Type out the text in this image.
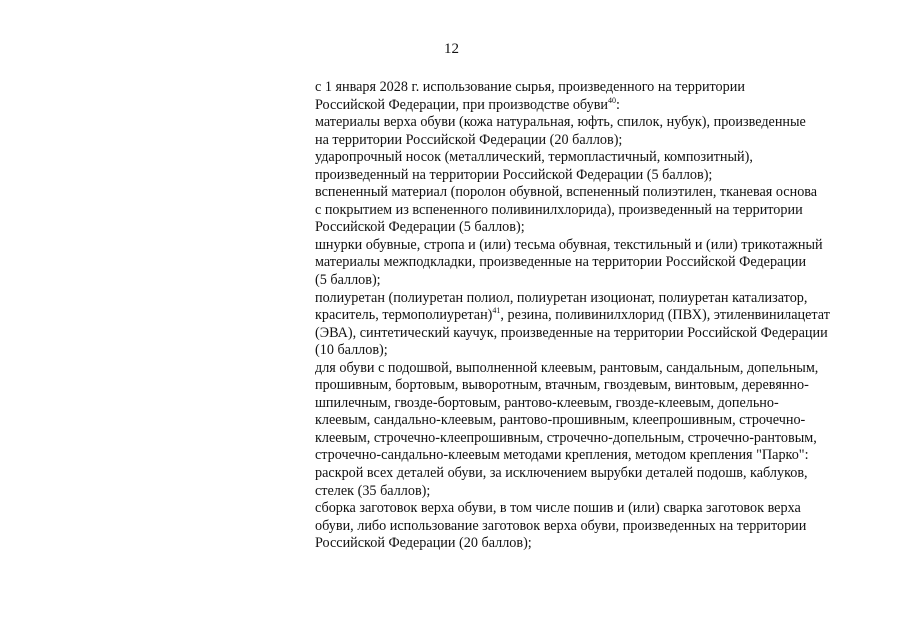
12
с 1 января 2028 г. использование сырья, произведенного на территории
Российской Федерации, при производстве обуви$^{40}$:
материалы верха обуви (кожа натуральная, юфть, спилок, нубук), произведенные
на территории Российской Федерации (20 баллов);
ударопрочный носок (металлический, термопластичный, композитный),
произведенный на территории Российской Федерации (5 баллов);
вспененный материал (поролон обувной, вспененный полиэтилен, тканевая основа
с покрытием из вспененного поливинилхлорида), произведенный на территории
Российской Федерации (5 баллов);
шнурки обувные, стропа и (или) тесьма обувная, текстильный и (или) трикотажный
материалы межподкладки, произведенные на территории Российской Федерации
(5 баллов);
полиуретан (полиуретан полиол, полиуретан изоционат, полиуретан катализатор,
краситель, термополиуретан)$^{41}$, резина, поливинилхлорид (ПВХ), этиленвинилацетат
(ЭВА), синтетический каучук, произведенные на территории Российской Федерации
(10 баллов);
для обуви с подошвой, выполненной клеевым, рантовым, сандальным, допельным,
прошивным, бортовым, выворотным, втачным, гвоздевым, винтовым, деревянно-
шпилечным, гвозде-бортовым, рантово-клеевым, гвозде-клеевым, допельно-
клеевым, сандально-клеевым, рантово-прошивным, клеепрошивным, строчечно-
клеевым, строчечно-клеепрошивным, строчечно-допельным, строчечно-рантовым,
строчечно-сандально-клеевым методами крепления, методом крепления "Парко":
раскрой всех деталей обуви, за исключением вырубки деталей подошв, каблуков,
стелек (35 баллов);
сборка заготовок верха обуви, в том числе пошив и (или) сварка заготовок верха
обуви, либо использование заготовок верха обуви, произведенных на территории
Российской Федерации (20 баллов);
